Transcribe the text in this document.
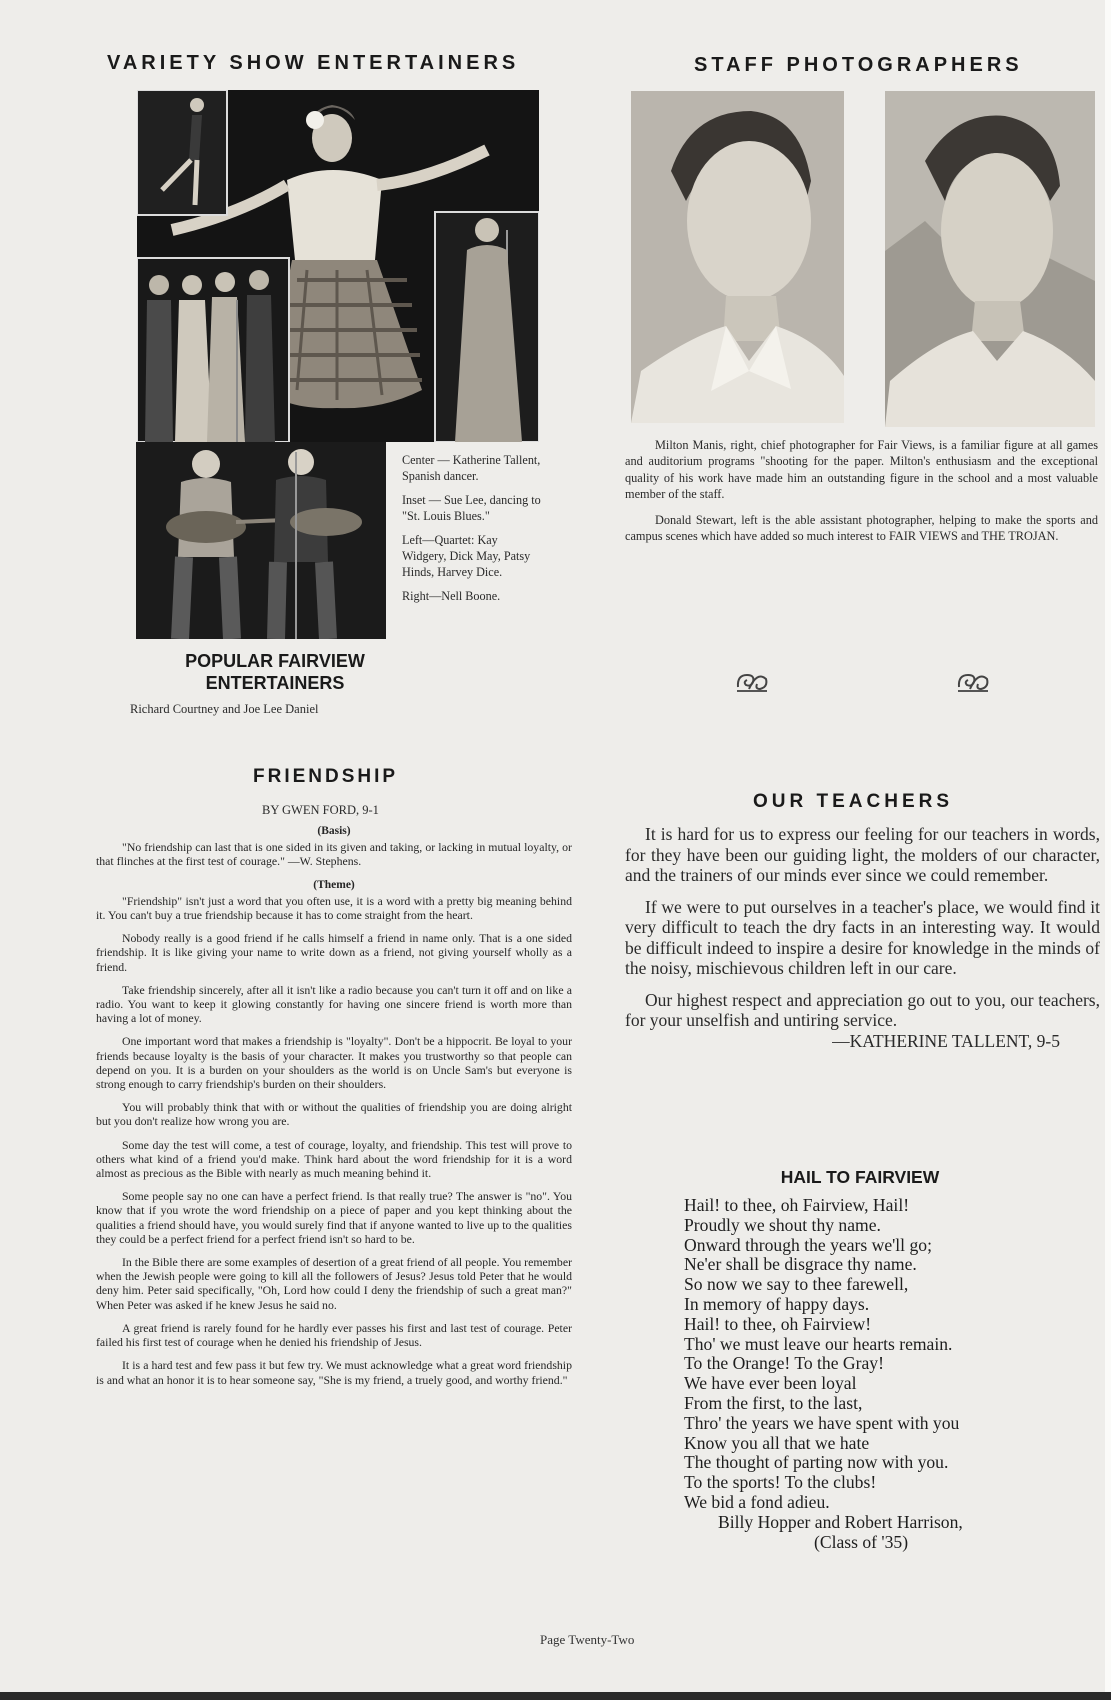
VARIETY SHOW ENTERTAINERS

Center — Katherine Tallent, Spanish dancer.

Inset — Sue Lee, dancing to "St. Louis Blues."

Left—Quartet: Kay Widgery, Dick May, Patsy Hinds, Harvey Dice.

Right—Nell Boone.

POPULAR FAIRVIEW
ENTERTAINERS
Richard Courtney and Joe Lee Daniel
STAFF PHOTOGRAPHERS

Milton Manis, right, chief photographer for Fair Views, is a familiar figure at all games and auditorium programs "shooting for the paper. Milton's enthusiasm and the exceptional quality of his work have made him an outstanding figure in the school and a most valuable member of the staff.

Donald Stewart, left is the able assistant photographer, helping to make the sports and campus scenes which have added so much interest to FAIR VIEWS and THE TROJAN.

FRIENDSHIP
BY GWEN FORD, 9-1
(Basis)

"No friendship can last that is one sided in its given and taking, or lacking in mutual loyalty, or that flinches at the first test of courage." —W. Stephens.

(Theme)

"Friendship" isn't just a word that you often use, it is a word with a pretty big meaning behind it. You can't buy a true friendship because it has to come straight from the heart.

Nobody really is a good friend if he calls himself a friend in name only. That is a one sided friendship. It is like giving your name to write down as a friend, not giving yourself wholly as a friend.

Take friendship sincerely, after all it isn't like a radio because you can't turn it off and on like a radio. You want to keep it glowing constantly for having one sincere friend is worth more than having a lot of money.

One important word that makes a friendship is "loyalty". Don't be a hippocrit. Be loyal to your friends because loyalty is the basis of your character. It makes you trustworthy so that people can depend on you. It is a burden on your shoulders as the world is on Uncle Sam's but everyone is strong enough to carry friendship's burden on their shoulders.

You will probably think that with or without the qualities of friendship you are doing alright but you don't realize how wrong you are.

Some day the test will come, a test of courage, loyalty, and friendship. This test will prove to others what kind of a friend you'd make. Think hard about the word friendship for it is a word almost as precious as the Bible with nearly as much meaning behind it.

Some people say no one can have a perfect friend. Is that really true? The answer is "no". You know that if you wrote the word friendship on a piece of paper and you kept thinking about the qualities a friend should have, you would surely find that if anyone wanted to live up to the qualities they could be a perfect friend for a perfect friend isn't so hard to be.

In the Bible there are some examples of desertion of a great friend of all people. You remember when the Jewish people were going to kill all the followers of Jesus? Jesus told Peter that he would deny him. Peter said specifically, "Oh, Lord how could I deny the friendship of such a great man?" When Peter was asked if he knew Jesus he said no.

A great friend is rarely found for he hardly ever passes his first and last test of courage. Peter failed his first test of courage when he denied his friendship of Jesus.

It is a hard test and few pass it but few try. We must acknowledge what a great word friendship is and what an honor it is to hear someone say, "She is my friend, a truely good, and worthy friend."

OUR TEACHERS

It is hard for us to express our feeling for our teachers in words, for they have been our guiding light, the molders of our character, and the trainers of our minds ever since we could remember.

If we were to put ourselves in a teacher's place, we would find it very difficult to teach the dry facts in an interesting way. It would be difficult indeed to inspire a desire for knowledge in the minds of the noisy, mischievous children left in our care.

Our highest respect and appreciation go out to you, our teachers, for your unselfish and untiring service.

—KATHERINE TALLENT, 9-5
HAIL TO FAIRVIEW
Hail! to thee, oh Fairview, Hail!
Proudly we shout thy name.
Onward through the years we'll go;
Ne'er shall be disgrace thy name.
So now we say to thee farewell,
In memory of happy days.
Hail! to thee, oh Fairview!
Tho' we must leave our hearts remain.
To the Orange! To the Gray!
We have ever been loyal
From the first, to the last,
Thro' the years we have spent with you
Know you all that we hate
The thought of parting now with you.
To the sports! To the clubs!
We bid a fond adieu.
Billy Hopper and Robert Harrison,
(Class of '35)
Page Twenty-Two
